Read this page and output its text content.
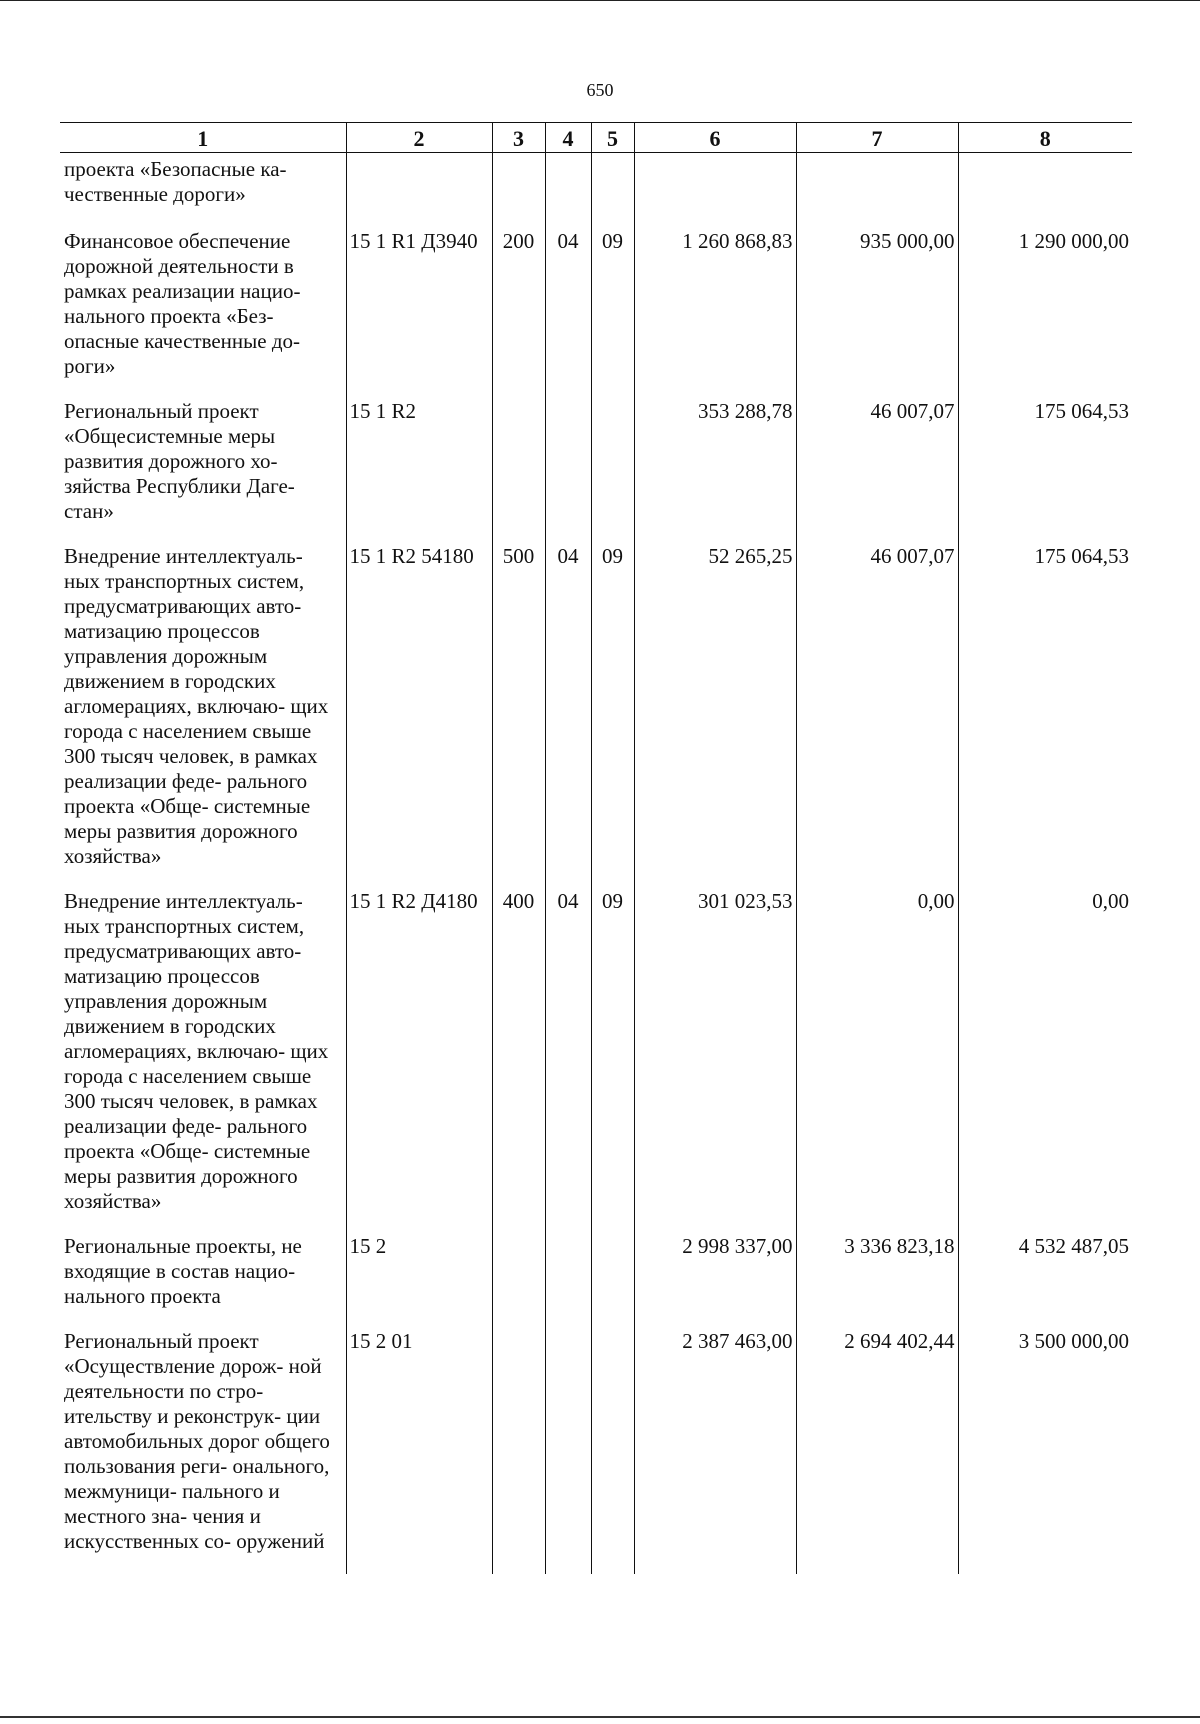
650
1	2	3	4	5	6	7	8
проекта «Безопасные ка- чественные дороги»							
Финансовое обеспечение дорожной деятельности в рамках реализации нацио- нального проекта «Без- опасные качественные до- роги»	15 1 R1 Д3940	200	04	09	1 260 868,83	935 000,00	1 290 000,00
Региональный проект «Общесистемные меры развития дорожного хо- зяйства Республики Даге- стан»	15 1 R2				353 288,78	46 007,07	175 064,53
Внедрение интеллектуаль- ных транспортных систем, предусматривающих авто- матизацию процессов управления дорожным движением в городских агломерациях, включаю- щих города с населением свыше 300 тысяч человек, в рамках реализации феде- рального проекта «Обще- системные меры развития дорожного хозяйства»	15 1 R2 54180	500	04	09	52 265,25	46 007,07	175 064,53
Внедрение интеллектуаль- ных транспортных систем, предусматривающих авто- матизацию процессов управления дорожным движением в городских агломерациях, включаю- щих города с населением свыше 300 тысяч человек, в рамках реализации феде- рального проекта «Обще- системные меры развития дорожного хозяйства»	15 1 R2 Д4180	400	04	09	301 023,53	0,00	0,00
Региональные проекты, не входящие в состав нацио- нального проекта	15 2				2 998 337,00	3 336 823,18	4 532 487,05
Региональный проект «Осуществление дорож- ной деятельности по стро- ительству и реконструк- ции автомобильных дорог общего пользования реги- онального, межмуници- пального и местного зна- чения и искусственных со- оружений	15 2 01				2 387 463,00	2 694 402,44	3 500 000,00
